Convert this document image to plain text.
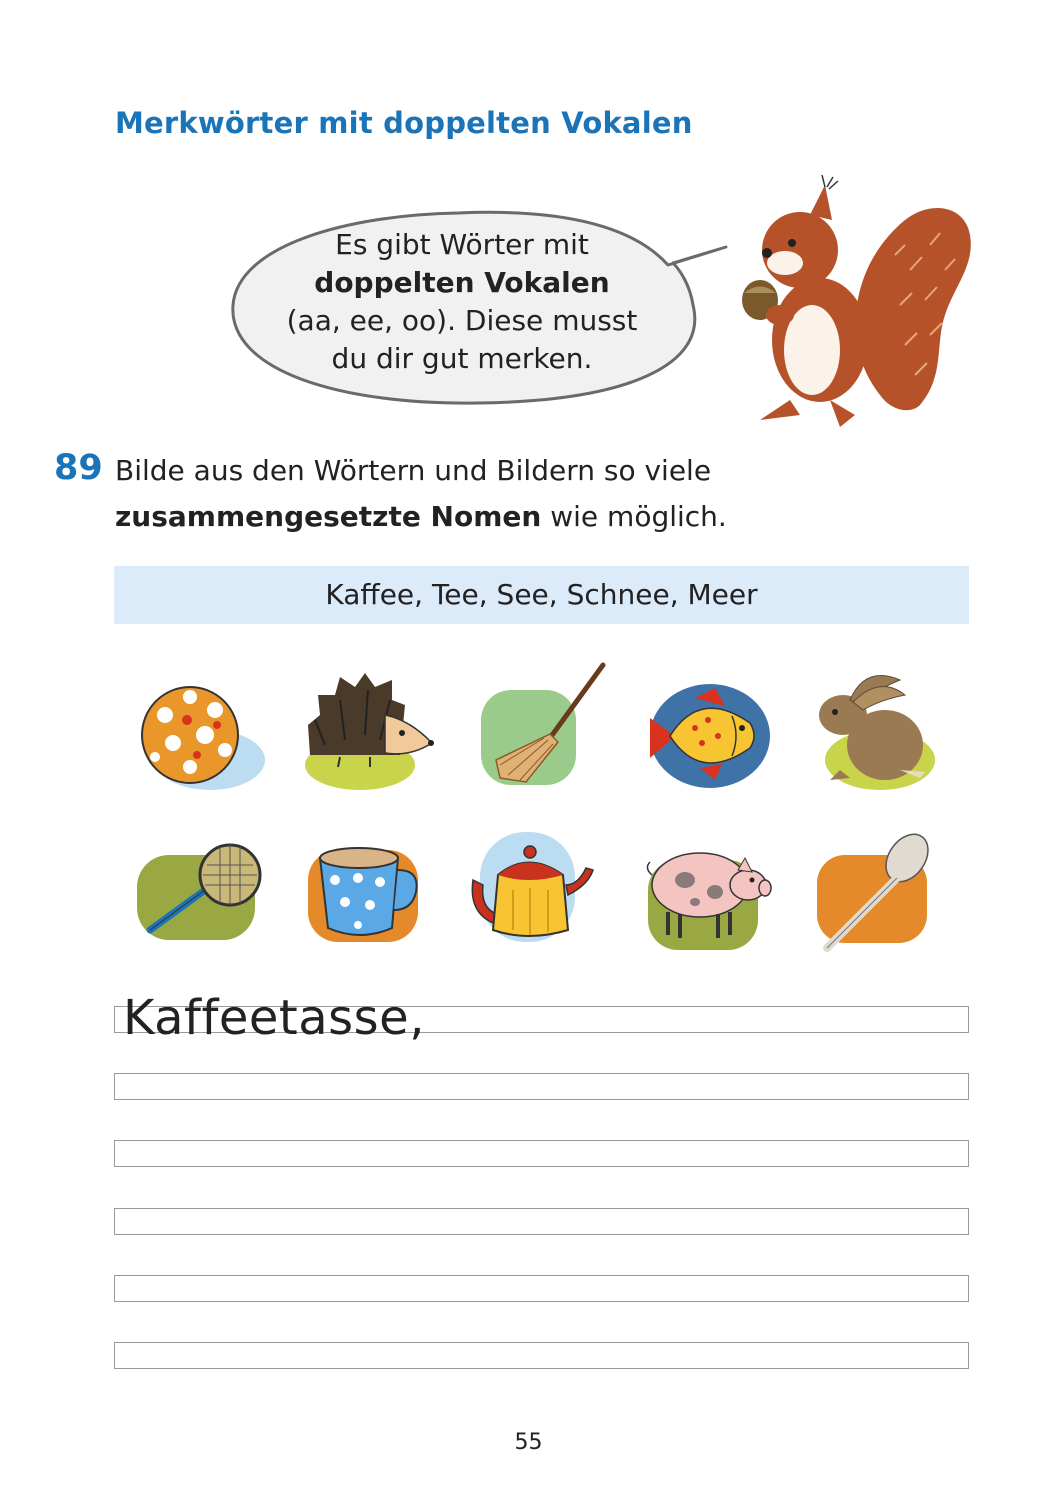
Merkwörter mit doppelten Vokalen
Es gibt Wörter mit
doppelten Vokalen
(aa, ee, oo). Diese musst
du dir gut merken.
89 Bilde aus den Wörtern und Bildern so viele
zusammengesetzte Nomen wie möglich.
Kaffee, Tee, See, Schnee, Meer
Kaffeetasse,
55
